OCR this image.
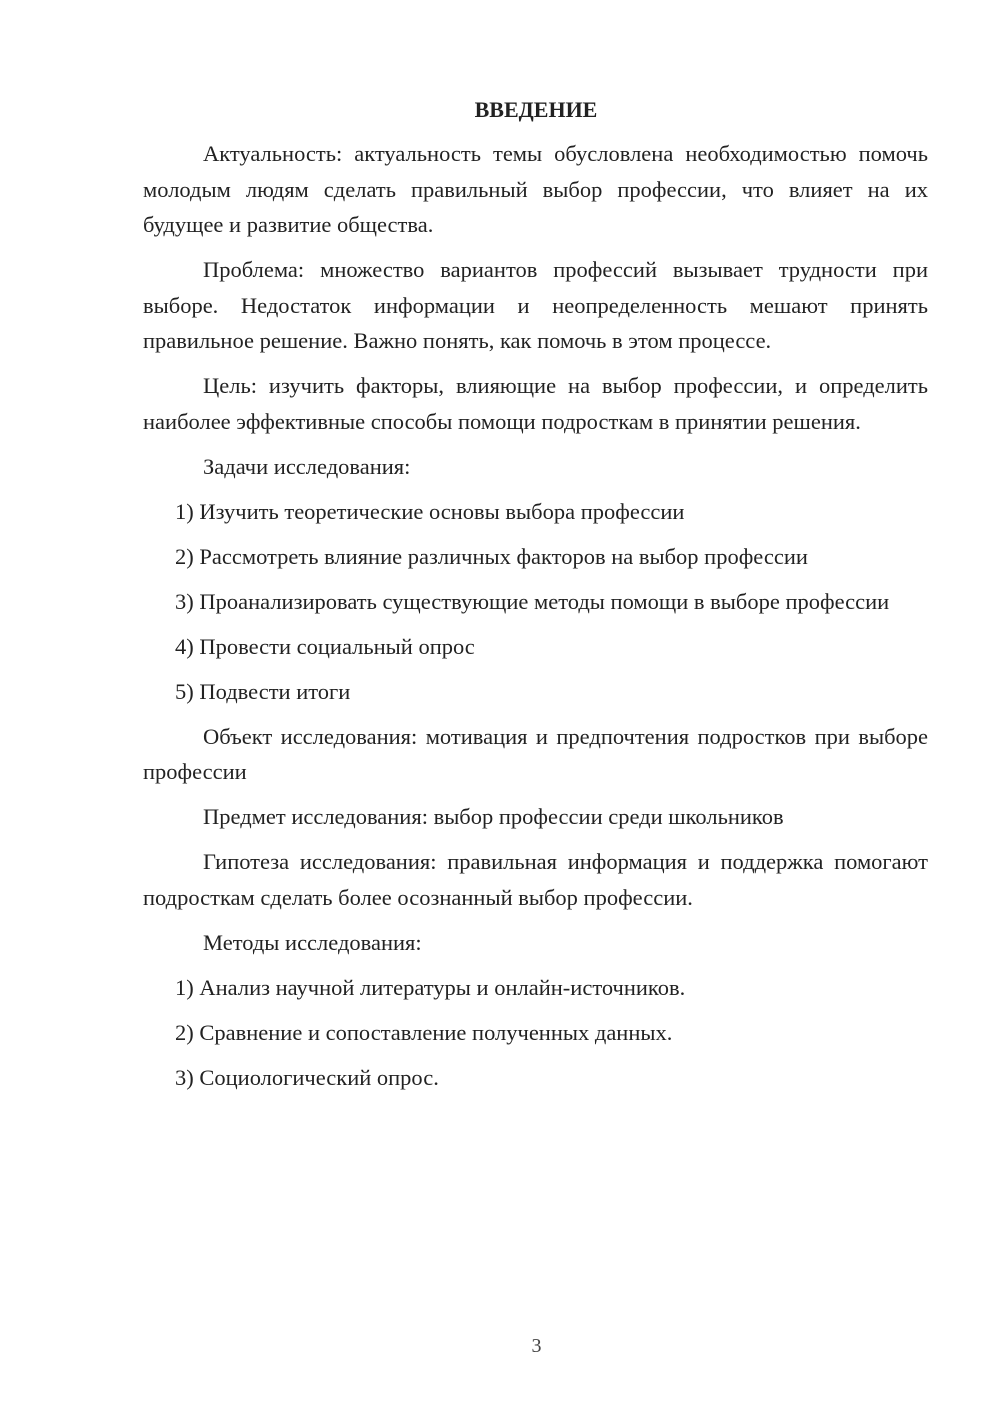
ВВЕДЕНИЕ

Актуальность: актуальность темы обусловлена необходимостью помочь молодым людям сделать правильный выбор профессии, что влияет на их будущее и развитие общества.

Проблема: множество вариантов профессий вызывает трудности при выборе. Недостаток информации и неопределенность мешают принять правильное решение. Важно понять, как помочь в этом процессе.

Цель: изучить факторы, влияющие на выбор профессии, и определить наиболее эффективные способы помощи подросткам в принятии решения.

Задачи исследования:

1) Изучить теоретические основы выбора профессии

2) Рассмотреть влияние различных факторов на выбор профессии

3) Проанализировать существующие методы помощи в выборе профессии

4) Провести социальный опрос

5) Подвести итоги

Объект исследования: мотивация и предпочтения подростков при выборе профессии

Предмет исследования: выбор профессии среди школьников

Гипотеза исследования: правильная информация и поддержка помогают подросткам сделать более осознанный выбор профессии.

Методы исследования:

1) Анализ научной литературы и онлайн-источников.

2) Сравнение и сопоставление полученных данных.

3) Социологический опрос.

3
